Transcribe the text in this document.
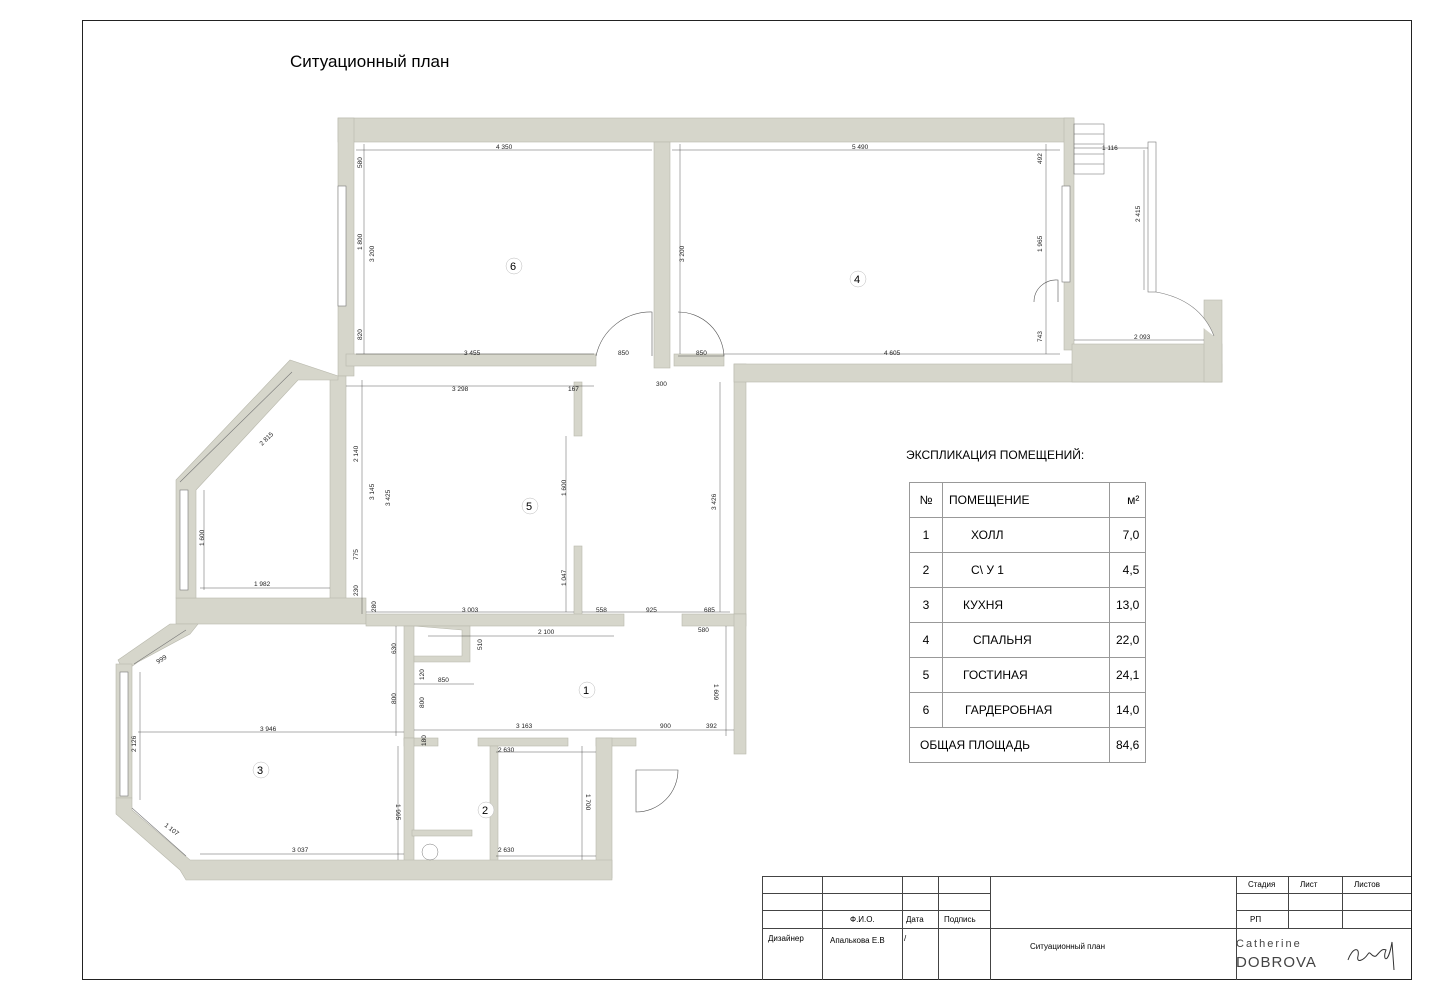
Ситуационный план
4 350	5 490	1 116
580
1 800
3 200
820
3 200
492
1 965
743
2 415
2 093
3 455	850	850	4 605
300
3 298	167
2 815
2 140
3 145 3 425
1 600
3 426
1 600
775
1 047
1 982
230
280	3 003	558	925	685
999
630	510
2 100	580
120
850
800	800
1 609
3 946	3 163	900	392
2 126	180
2 630
1 995
1 700
1 107
3 037	2 630
6
4
5
1
3
2
ЭКСПЛИКАЦИЯ ПОМЕЩЕНИЙ:
№	ПОМЕЩЕНИЕ	м²
1	ХОЛЛ	7,0
2	С\ У 1	4,5
3	КУХНЯ	13,0
4	СПАЛЬНЯ	22,0
5	ГОСТИНАЯ	24,1
6	ГАРДЕРОБНАЯ	14,0
ОБЩАЯ ПЛОЩАДЬ		84,6
Стадия	Лист	Листов
РП
Ф.И.О.	Дата	Подпись
Дизайнер	Апалькова Е.В /
Ситуационный план	Catherine
DOBROVA
